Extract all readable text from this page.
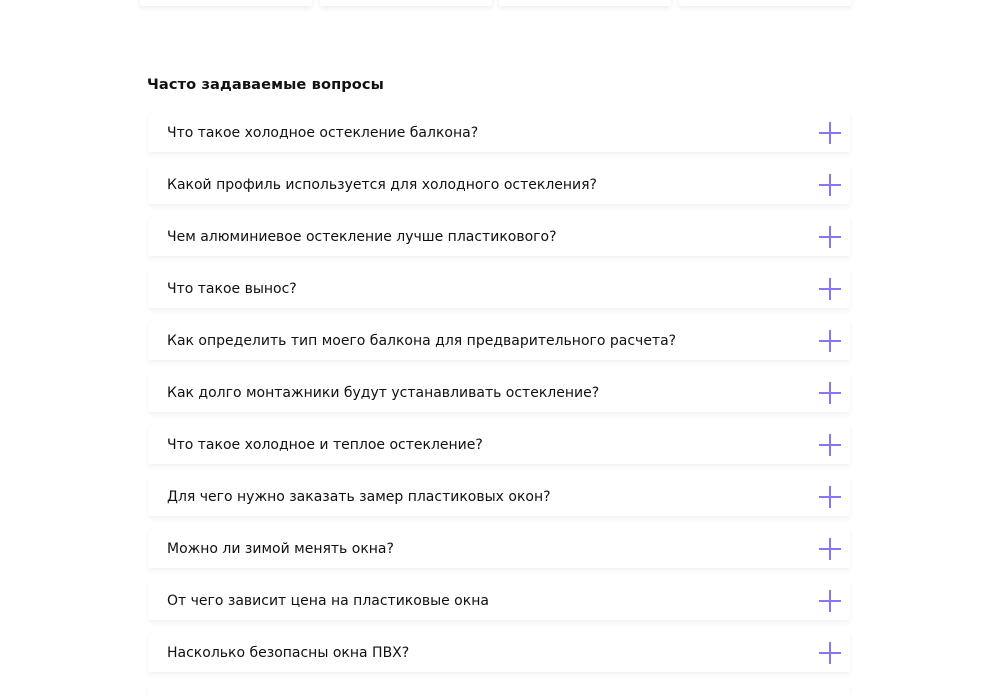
Часто задаваемые вопросы
Что такое холодное остекление балкона?
Какой профиль используется для холодного остекления?
Чем алюминиевое остекление лучше пластикового?
Что такое вынос?
Как определить тип моего балкона для предварительного расчета?
Как долго монтажники будут устанавливать остекление?
Что такое холодное и теплое остекление?
Для чего нужно заказать замер пластиковых окон?
Можно ли зимой менять окна?
От чего зависит цена на пластиковые окна
Насколько безопасны окна ПВХ?
